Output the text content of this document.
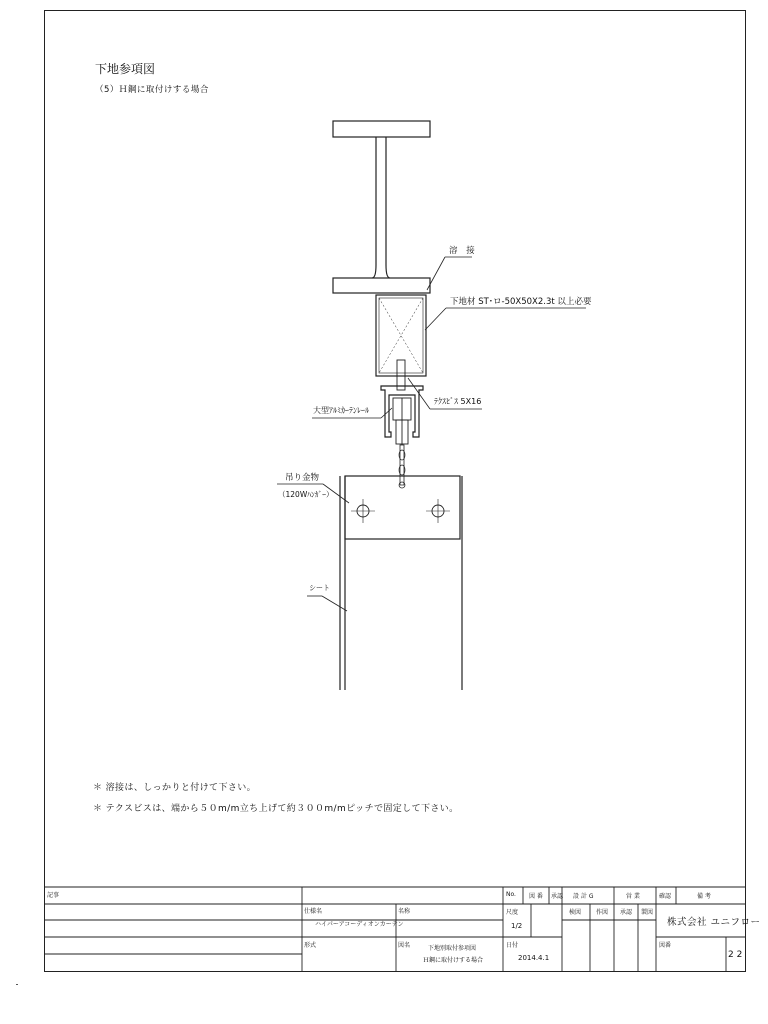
下地参項図
（5）Ｈ鋼に取付けする場合
溶 接
下地材 ST･ロ-50X50X2.3t 以上必要
ﾃｸｽﾋﾞｽ 5X16
大型ｱﾙﾐｶｰﾃﾝﾚｰﾙ
吊り金物
（120Wﾊﾝｶﾞｰ）
シート
＊ 溶接は、しっかりと付けて下さい。
＊ テクスビスは、端から５０m/m立ち上げて約３００m/mピッチで固定して下さい。
記事
仕様名
ハイパーアコーディオンカーテン
名称
形式	図名	下地別取付参項図
Ｈ鋼に取付けする場合
No. 図 番 承認
尺度
1/2
日付
2014.4.1
設 計 G	営 業	確認	備 考
検図 作図 承認 製図
株式会社 ユニフロー
図番
2 2
